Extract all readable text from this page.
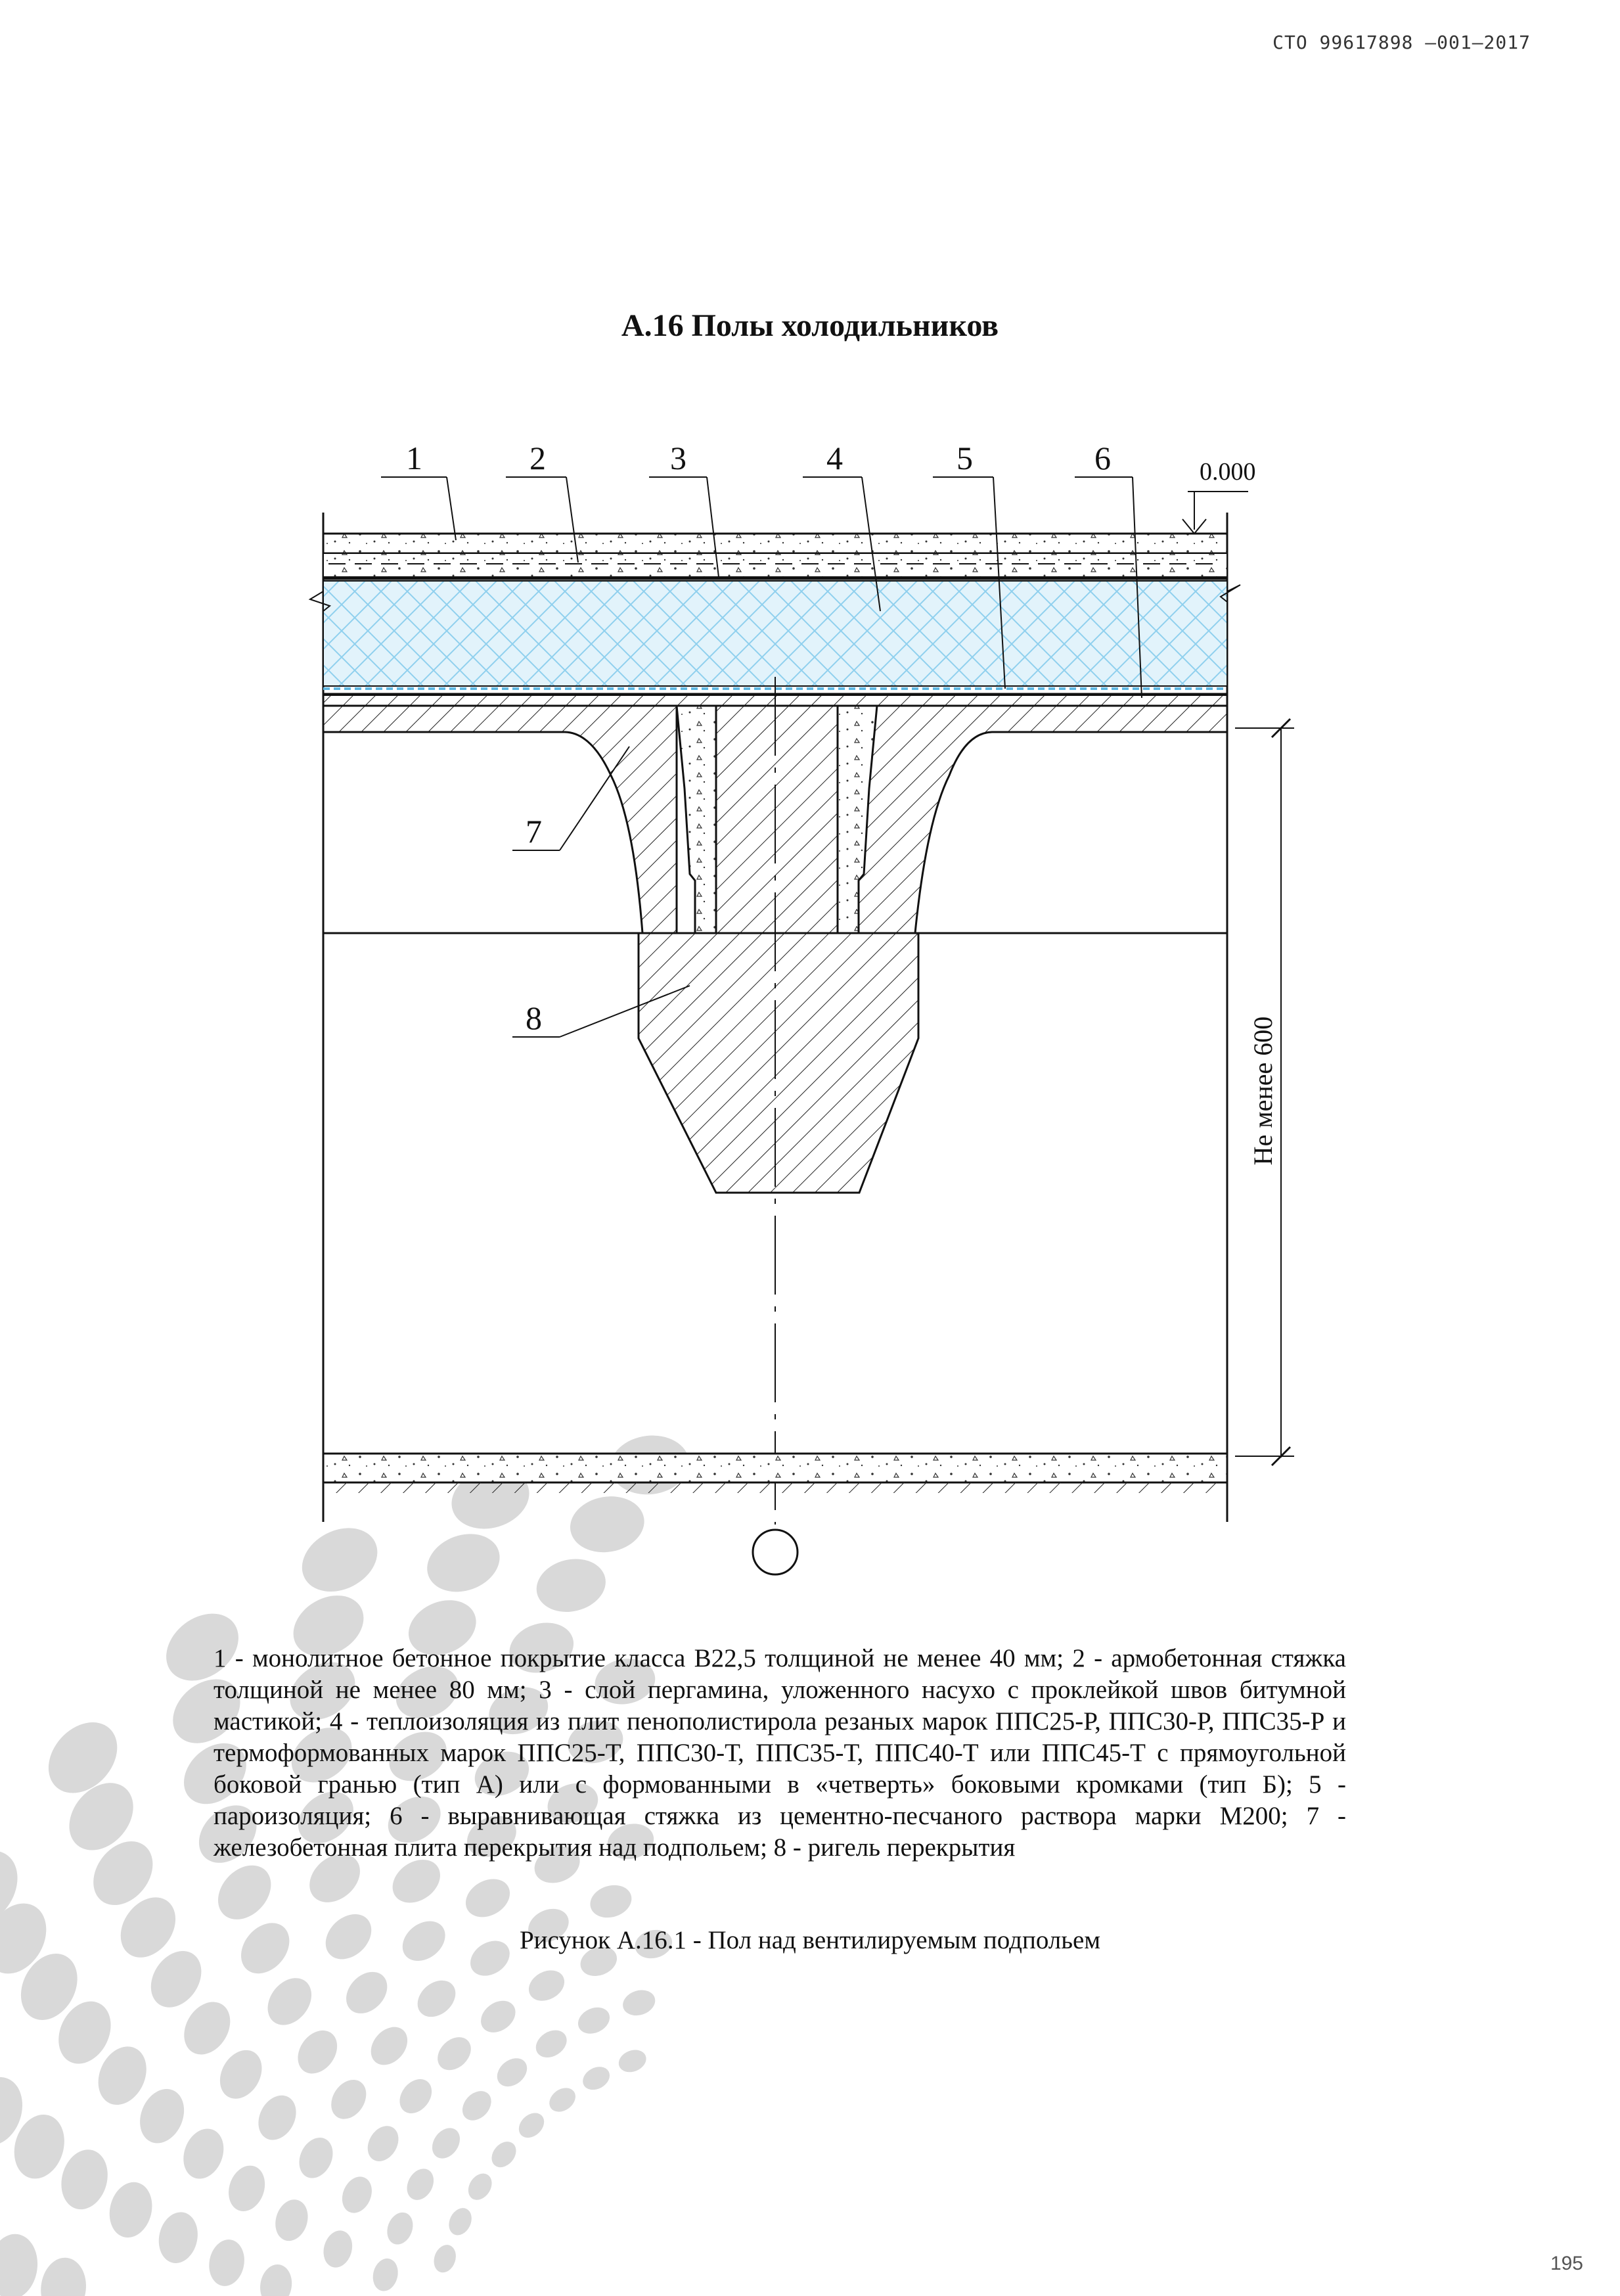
СТО 99617898 –001–2017
А.16 Полы холодильников
Не менее 600
0.000
1	2	3	4	5	6
7
8
1 - монолитное бетонное покрытие класса В22,5 толщиной не менее 40 мм; 2 - армобетонная стяжка толщиной не менее 80 мм; 3 - слой пергамина, уложенного насухо с проклейкой швов битумной мастикой; 4 - теплоизоляция из плит пенополистирола резаных марок ППС25-Р, ППС30-Р, ППС35-Р и термоформованных марок ППС25-Т, ППС30-Т, ППС35-Т, ППС40-Т или ППС45-Т с прямоугольной боковой гранью (тип А) или с формованными в «четверть» боковыми кромками (тип Б); 5 - пароизоляция; 6 - выравнивающая стяжка из цементно-песчаного раствора марки М200; 7 - железобетонная плита перекрытия над подпольем; 8 - ригель перекрытия
Рисунок А.16.1 - Пол над вентилируемым подпольем
195
